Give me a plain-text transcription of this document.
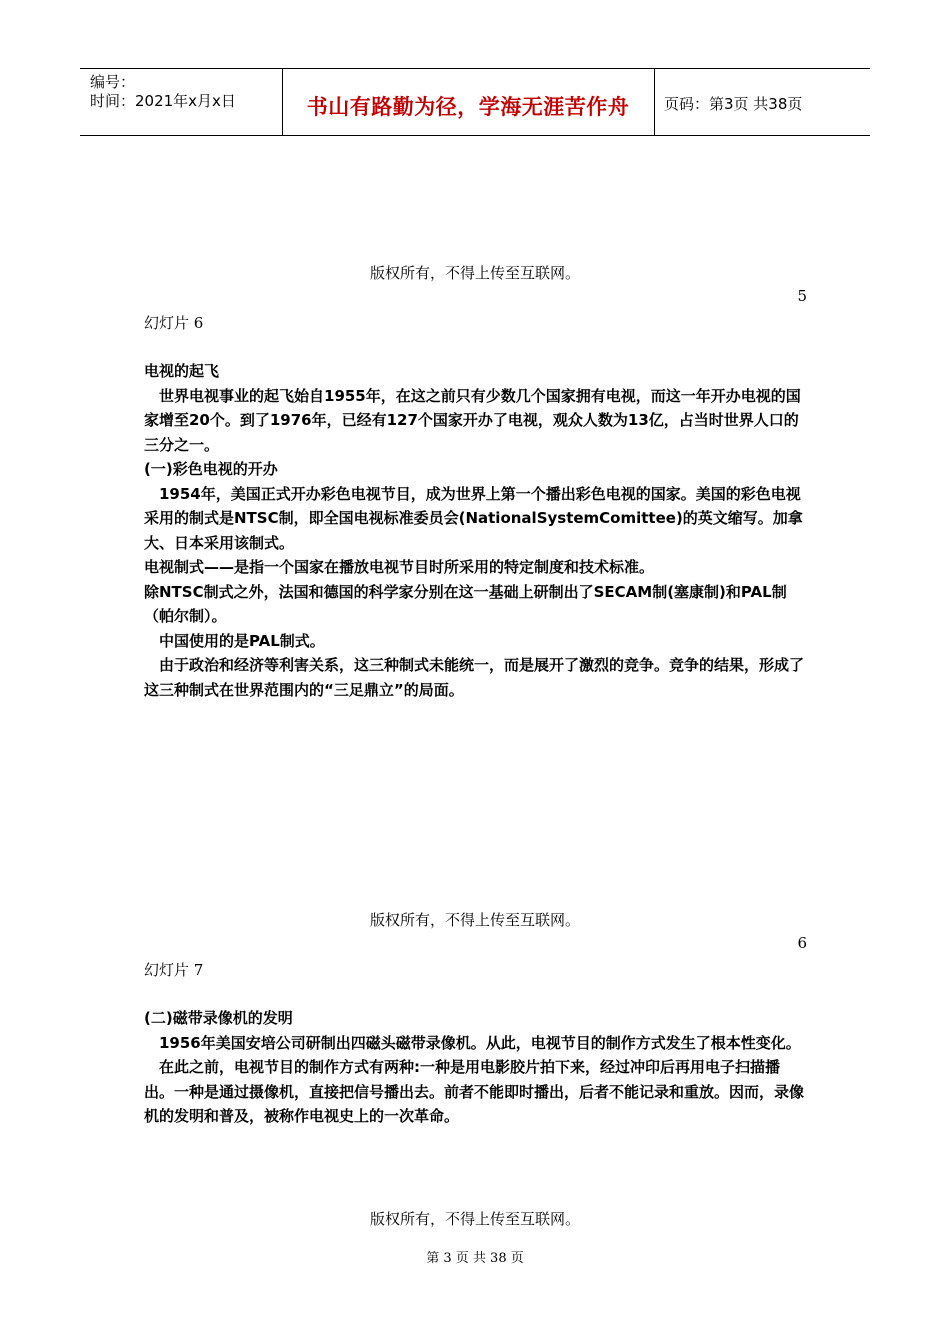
编号：
时间：2021年x月x日	书山有路勤为径，学海无涯苦作舟	页码：第3页 共38页
版权所有，不得上传至互联网。
5
幻灯片 6

电视的起飞

世界电视事业的起飞始自1955年，在这之前只有少数几个国家拥有电视，而这一年开办电视的国家增至20个。到了1976年，已经有127个国家开办了电视，观众人数为13亿，占当时世界人口的三分之一。

(一)彩色电视的开办

1954年，美国正式开办彩色电视节目，成为世界上第一个播出彩色电视的国家。美国的彩色电视采用的制式是NTSC制，即全国电视标准委员会(NationalSystemComittee)的英文缩写。加拿大、日本采用该制式。

电视制式——是指一个国家在播放电视节目时所采用的特定制度和技术标准。

除NTSC制式之外，法国和德国的科学家分别在这一基础上研制出了SECAM制(塞康制)和PAL制（帕尔制）。

中国使用的是PAL制式。

由于政治和经济等利害关系，这三种制式未能统一，而是展开了激烈的竞争。竞争的结果，形成了这三种制式在世界范围内的“三足鼎立”的局面。

版权所有，不得上传至互联网。
6
幻灯片 7

(二)磁带录像机的发明

1956年美国安培公司研制出四磁头磁带录像机。从此，电视节目的制作方式发生了根本性变化。

在此之前，电视节目的制作方式有两种:一种是用电影胶片拍下来，经过冲印后再用电子扫描播出。一种是通过摄像机，直接把信号播出去。前者不能即时播出，后者不能记录和重放。因而，录像机的发明和普及，被称作电视史上的一次革命。

版权所有，不得上传至互联网。
第 3 页 共 38 页
